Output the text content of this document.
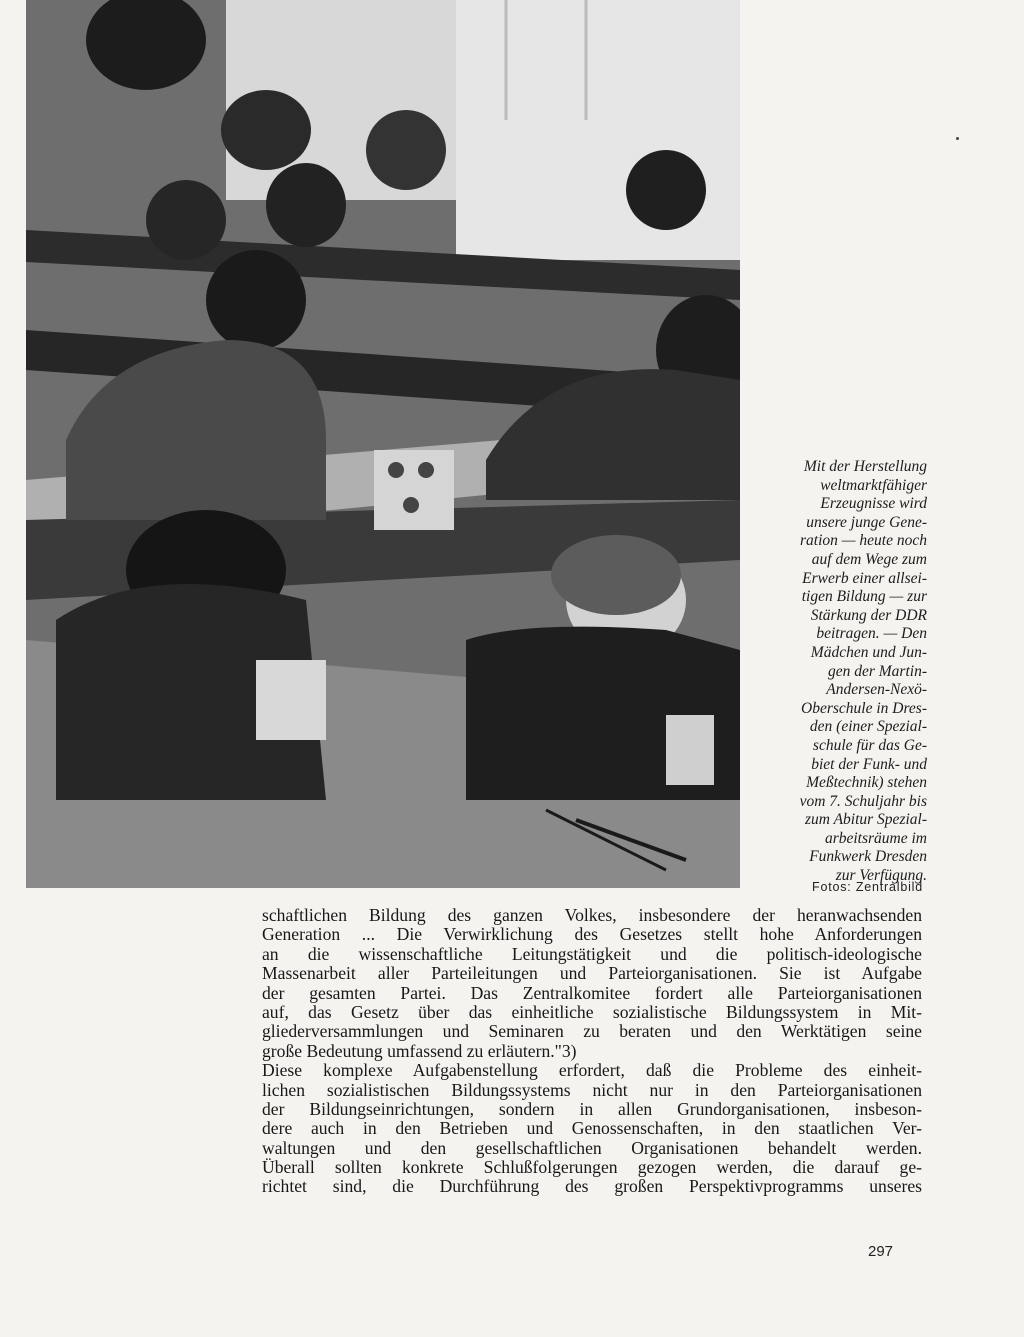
Mit der Herstellung
weltmarktfähiger
Erzeugnisse wird
unsere junge Gene-
ration — heute noch
auf dem Wege zum
Erwerb einer allsei-
tigen Bildung — zur
Stärkung der DDR
beitragen. — Den
Mädchen und Jun-
gen der Martin-
Andersen-Nexö-
Oberschule in Dres-
den (einer Spezial-
schule für das Ge-
biet der Funk- und
Meßtechnik) stehen
vom 7. Schuljahr bis
zum Abitur Spezial-
arbeitsräume im
Funkwerk Dresden
zur Verfügung.
Fotos: Zentralbild
schaftlichen Bildung des ganzen Volkes, insbesondere der heranwachsenden
Generation ... Die Verwirklichung des Gesetzes stellt hohe Anforderungen
an die wissenschaftliche Leitungstätigkeit und die politisch-ideologische
Massenarbeit aller Parteileitungen und Parteiorganisationen. Sie ist Aufgabe
der gesamten Partei. Das Zentralkomitee fordert alle Parteiorganisationen
auf, das Gesetz über das einheitliche sozialistische Bildungssystem in Mit-
gliederversammlungen und Seminaren zu beraten und den Werktätigen seine
große Bedeutung umfassend zu erläutern."3)
Diese komplexe Aufgabenstellung erfordert, daß die Probleme des einheit-
lichen sozialistischen Bildungssystems nicht nur in den Parteiorganisationen
der Bildungseinrichtungen, sondern in allen Grundorganisationen, insbeson-
dere auch in den Betrieben und Genossenschaften, in den staatlichen Ver-
waltungen und den gesellschaftlichen Organisationen behandelt werden.
Überall sollten konkrete Schlußfolgerungen gezogen werden, die darauf ge-
richtet sind, die Durchführung des großen Perspektivprogramms unseres
297
